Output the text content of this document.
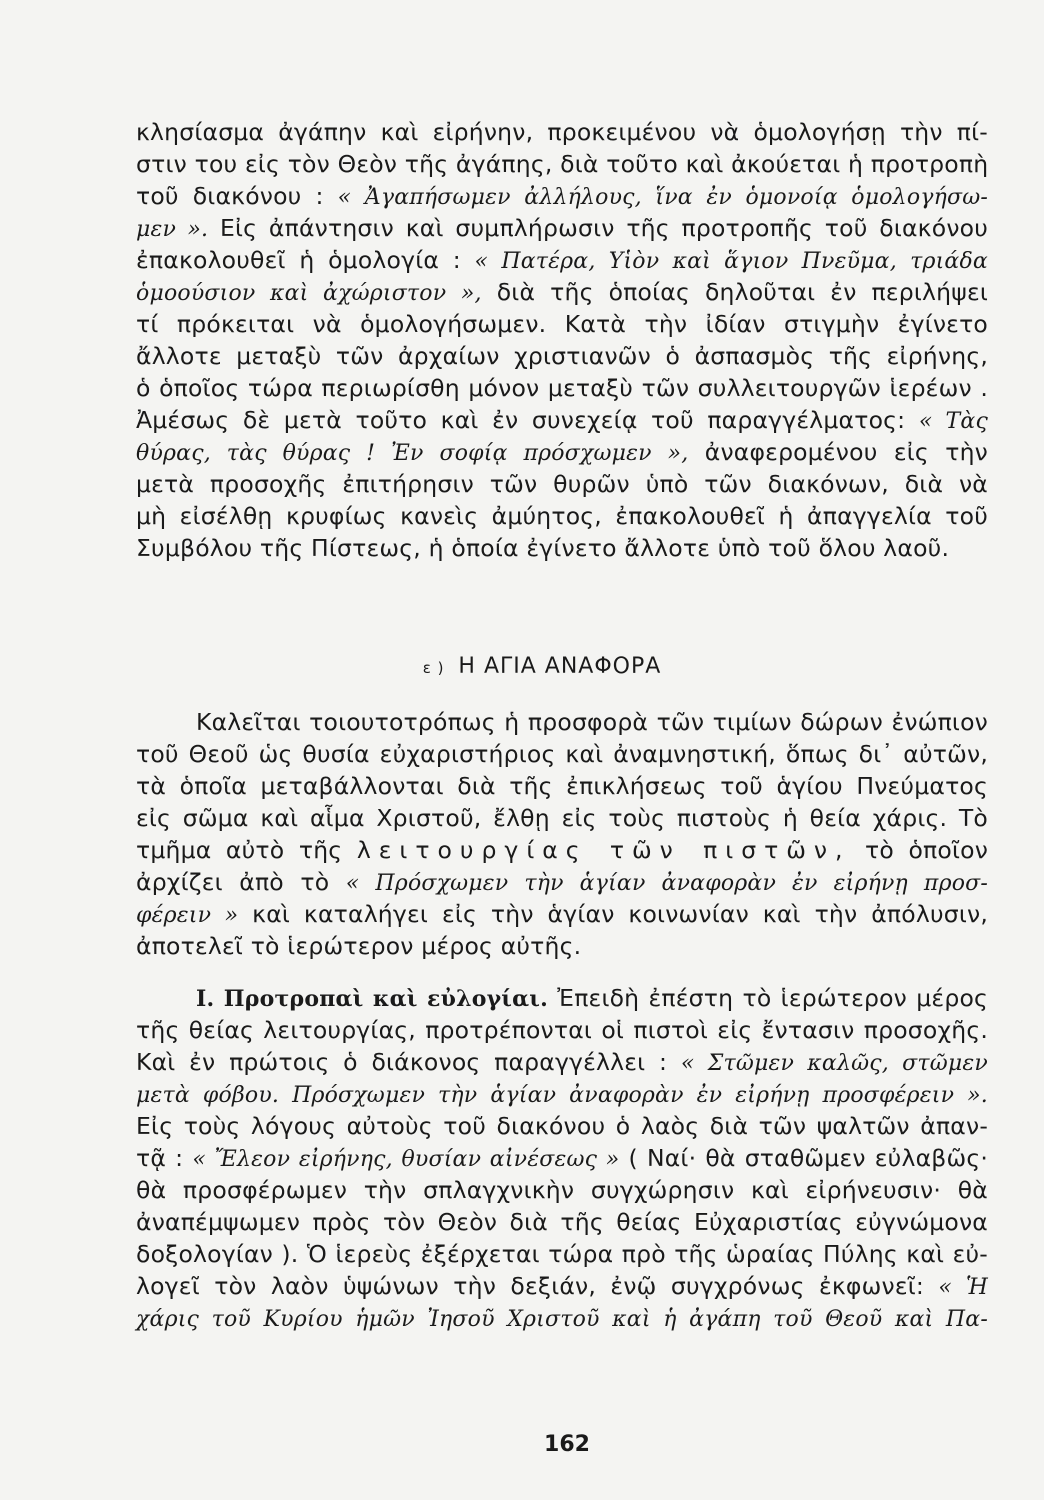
κλησίασμα ἀγάπην καὶ εἰρήνην, προκειμένου νὰ ὁμολογήσῃ τὴν πί-
στιν του εἰς τὸν Θεὸν τῆς ἀγάπης, διὰ τοῦτο καὶ ἀκούεται ἡ προτροπὴ
τοῦ διακόνου : « Ἀγαπήσωμεν ἀλλήλους, ἵνα ἐν ὁμονοίᾳ ὁμολογήσω-
μεν ». Εἰς ἀπάντησιν καὶ συμπλήρωσιν τῆς προτροπῆς τοῦ διακόνου
ἐπακολουθεῖ ἡ ὁμολογία : « Πατέρα, Υἱὸν καὶ ἅγιον Πνεῦμα, τριάδα
ὁμοούσιον καὶ ἀχώριστον », διὰ τῆς ὁποίας δηλοῦται ἐν περιλήψει
τί πρόκειται νὰ ὁμολογήσωμεν. Κατὰ τὴν ἰδίαν στιγμὴν ἐγίνετο
ἄλλοτε μεταξὺ τῶν ἀρχαίων χριστιανῶν ὁ ἀσπασμὸς τῆς εἰρήνης,
ὁ ὁποῖος τώρα περιωρίσθη μόνον μεταξὺ τῶν συλλειτουργῶν ἱερέων .
Ἀμέσως δὲ μετὰ τοῦτο καὶ ἐν συνεχείᾳ τοῦ παραγγέλματος: « Τὰς
θύρας, τὰς θύρας ! Ἐν σοφίᾳ πρόσχωμεν », ἀναφερομένου εἰς τὴν
μετὰ προσοχῆς ἐπιτήρησιν τῶν θυρῶν ὑπὸ τῶν διακόνων, διὰ νὰ
μὴ εἰσέλθῃ κρυφίως κανεὶς ἀμύητος, ἐπακολουθεῖ ἡ ἀπαγγελία τοῦ
Συμβόλου τῆς Πίστεως, ἡ ὁποία ἐγίνετο ἄλλοτε ὑπὸ τοῦ ὅλου λαοῦ.
ε ) Η ΑΓΙΑ ΑΝΑΦΟΡΑ
Καλεῖται τοιουτοτρόπως ἡ προσφορὰ τῶν τιμίων δώρων ἐνώπιον
τοῦ Θεοῦ ὡς θυσία εὐχαριστήριος καὶ ἀναμνηστική, ὅπως δι᾿ αὐτῶν,
τὰ ὁποῖα μεταβάλλονται διὰ τῆς ἐπικλήσεως τοῦ ἁγίου Πνεύματος
εἰς σῶμα καὶ αἷμα Χριστοῦ, ἔλθῃ εἰς τοὺς πιστοὺς ἡ θεία χάρις. Τὸ
τμῆμα αὐτὸ τῆς λειτουργίας τῶν πιστῶν, τὸ ὁποῖον
ἀρχίζει ἀπὸ τὸ « Πρόσχωμεν τὴν ἁγίαν ἀναφορὰν ἐν εἰρήνῃ προσ-
φέρειν » καὶ καταλήγει εἰς τὴν ἁγίαν κοινωνίαν καὶ τὴν ἀπόλυσιν,
ἀποτελεῖ τὸ ἱερώτερον μέρος αὐτῆς.
Ι. Προτροπαὶ καὶ εὐλογίαι. Ἐπειδὴ ἐπέστη τὸ ἱερώτερον μέρος
τῆς θείας λειτουργίας, προτρέπονται οἱ πιστοὶ εἰς ἔντασιν προσοχῆς.
Καὶ ἐν πρώτοις ὁ διάκονος παραγγέλλει : « Στῶμεν καλῶς, στῶμεν
μετὰ φόβου. Πρόσχωμεν τὴν ἁγίαν ἀναφορὰν ἐν εἰρήνῃ προσφέρειν ».
Εἰς τοὺς λόγους αὐτοὺς τοῦ διακόνου ὁ λαὸς διὰ τῶν ψαλτῶν ἀπαν-
τᾷ : « Ἔλεον εἰρήνης, θυσίαν αἰνέσεως » ( Ναί· θὰ σταθῶμεν εὐλαβῶς·
θὰ προσφέρωμεν τὴν σπλαγχνικὴν συγχώρησιν καὶ εἰρήνευσιν· θὰ
ἀναπέμψωμεν πρὸς τὸν Θεὸν διὰ τῆς θείας Εὐχαριστίας εὐγνώμονα
δοξολογίαν ). Ὁ ἱερεὺς ἐξέρχεται τώρα πρὸ τῆς ὡραίας Πύλης καὶ εὐ-
λογεῖ τὸν λαὸν ὑψώνων τὴν δεξιάν, ἐνῷ συγχρόνως ἐκφωνεῖ: « Ἡ
χάρις τοῦ Κυρίου ἡμῶν Ἰησοῦ Χριστοῦ καὶ ἡ ἀγάπη τοῦ Θεοῦ καὶ Πα-
162
